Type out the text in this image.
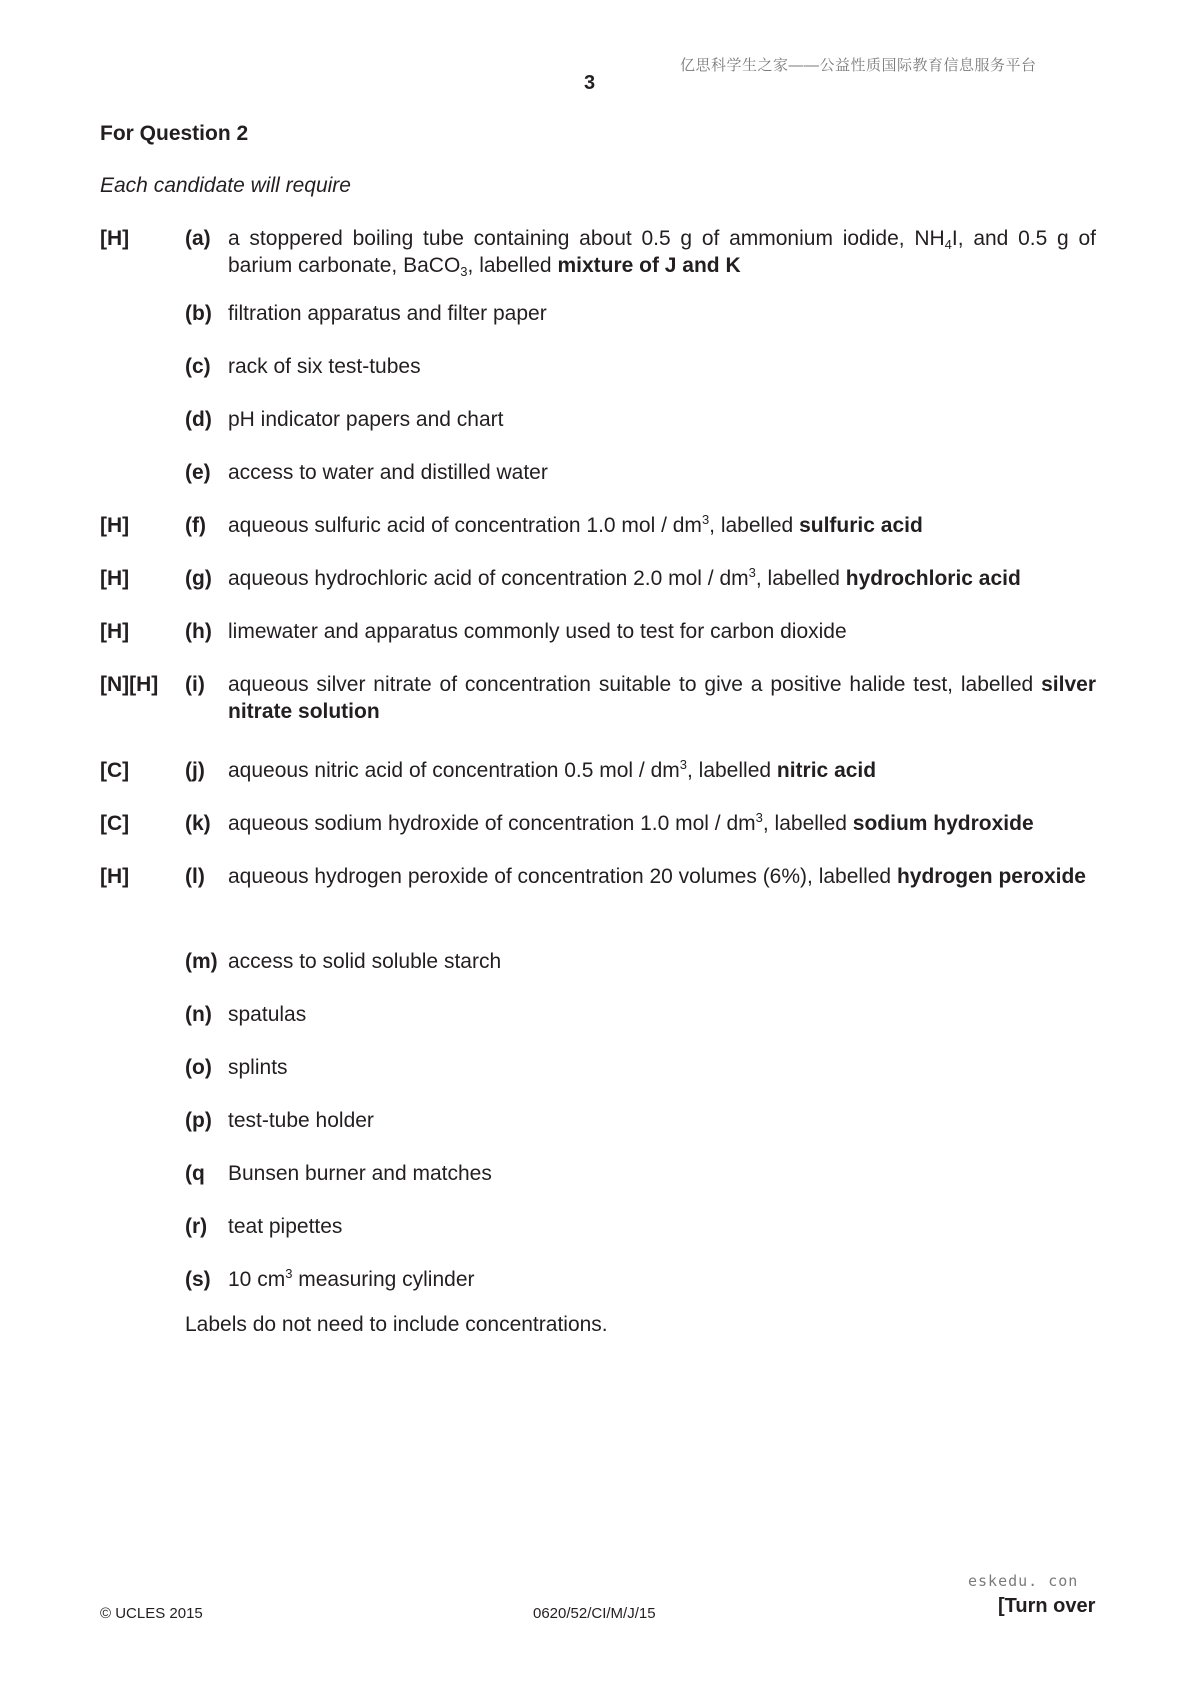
亿思科学生之家——公益性质国际教育信息服务平台
3
For Question 2
Each candidate will require
[H]	(a) a stoppered boiling tube containing about 0.5 g of ammonium iodide, $NH_4I$, and 0.5 g of barium carbonate, BaCO$_3$, labelled mixture of J and K
(b) filtration apparatus and filter paper
(c) rack of six test-tubes
(d) pH indicator papers and chart
(e) access to water and distilled water
[H]	(f) aqueous sulfuric acid of concentration 1.0 mol / $dm^3$, labelled sulfuric acid
[H]	(g) aqueous hydrochloric acid of concentration 2.0 mol / $dm^3$, labelled hydrochloric acid
[H]	(h) limewater and apparatus commonly used to test for carbon dioxide
[N][H] (i) aqueous silver nitrate of concentration suitable to give a positive halide test, labelled silver nitrate solution
[C]	(j) aqueous nitric acid of concentration 0.5 mol / $dm^3$, labelled nitric acid
[C]	(k) aqueous sodium hydroxide of concentration 1.0 mol / $dm^3$, labelled sodium hydroxide
[H]	(l) aqueous hydrogen peroxide of concentration 20 volumes (6%), labelled hydrogen peroxide
(m) access to solid soluble starch
(n) spatulas
(o) splints
(p) test-tube holder
(q Bunsen burner and matches
(r) teat pipettes
(s) 10 $cm^3$ measuring cylinder
Labels do not need to include concentrations.
eskedu. con
© UCLES 2015	0620/52/CI/M/J/15	[Turn over
